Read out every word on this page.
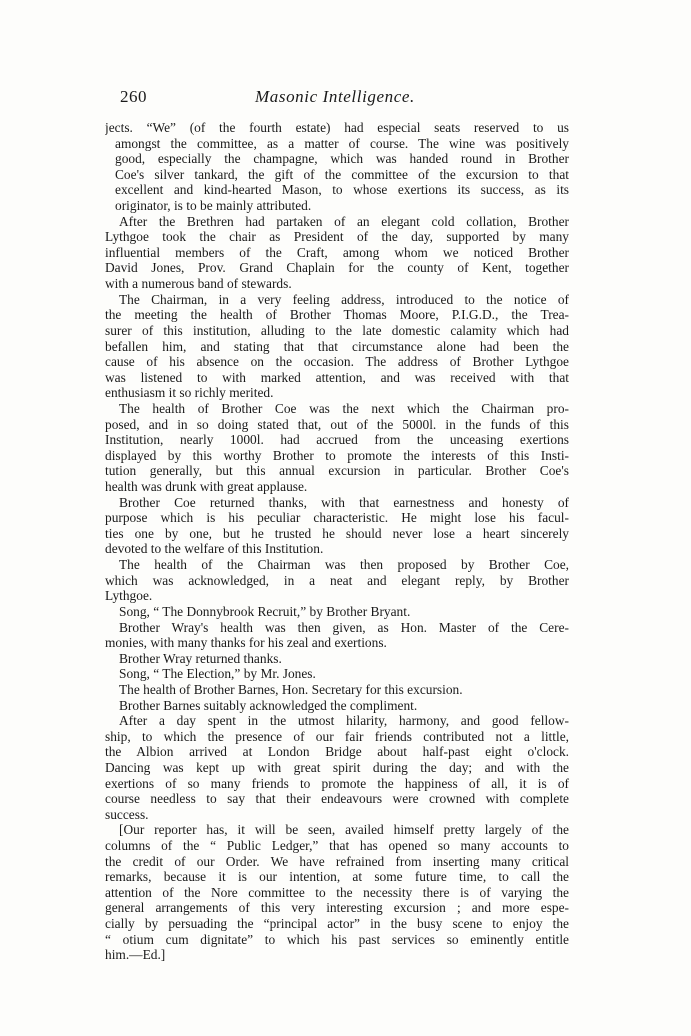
260	Masonic Intelligence.
jects. “We” (of the fourth estate) had especial seats reserved to us
amongst the committee, as a matter of course. The wine was positively
good, especially the champagne, which was handed round in Brother
Coe's silver tankard, the gift of the committee of the excursion to that
excellent and kind-hearted Mason, to whose exertions its success, as its
originator, is to be mainly attributed.
After the Brethren had partaken of an elegant cold collation, Brother
Lythgoe took the chair as President of the day, supported by many
influential members of the Craft, among whom we noticed Brother
David Jones, Prov. Grand Chaplain for the county of Kent, together
with a numerous band of stewards.
The Chairman, in a very feeling address, introduced to the notice of
the meeting the health of Brother Thomas Moore, P.I.G.D., the Trea-
surer of this institution, alluding to the late domestic calamity which had
befallen him, and stating that that circumstance alone had been the
cause of his absence on the occasion. The address of Brother Lythgoe
was listened to with marked attention, and was received with that
enthusiasm it so richly merited.
The health of Brother Coe was the next which the Chairman pro-
posed, and in so doing stated that, out of the 5000l. in the funds of this
Institution, nearly 1000l. had accrued from the unceasing exertions
displayed by this worthy Brother to promote the interests of this Insti-
tution generally, but this annual excursion in particular. Brother Coe's
health was drunk with great applause.
Brother Coe returned thanks, with that earnestness and honesty of
purpose which is his peculiar characteristic. He might lose his facul-
ties one by one, but he trusted he should never lose a heart sincerely
devoted to the welfare of this Institution.
The health of the Chairman was then proposed by Brother Coe,
which was acknowledged, in a neat and elegant reply, by Brother
Lythgoe.
Song, “ The Donnybrook Recruit,” by Brother Bryant.
Brother Wray's health was then given, as Hon. Master of the Cere-
monies, with many thanks for his zeal and exertions.
Brother Wray returned thanks.
Song, “ The Election,” by Mr. Jones.
The health of Brother Barnes, Hon. Secretary for this excursion.
Brother Barnes suitably acknowledged the compliment.
After a day spent in the utmost hilarity, harmony, and good fellow-
ship, to which the presence of our fair friends contributed not a little,
the Albion arrived at London Bridge about half-past eight o'clock.
Dancing was kept up with great spirit during the day; and with the
exertions of so many friends to promote the happiness of all, it is of
course needless to say that their endeavours were crowned with complete
success.
[Our reporter has, it will be seen, availed himself pretty largely of the
columns of the “ Public Ledger,” that has opened so many accounts to
the credit of our Order. We have refrained from inserting many critical
remarks, because it is our intention, at some future time, to call the
attention of the Nore committee to the necessity there is of varying the
general arrangements of this very interesting excursion ; and more espe-
cially by persuading the “principal actor” in the busy scene to enjoy the
“ otium cum dignitate” to which his past services so eminently entitle
him.—Ed.]
